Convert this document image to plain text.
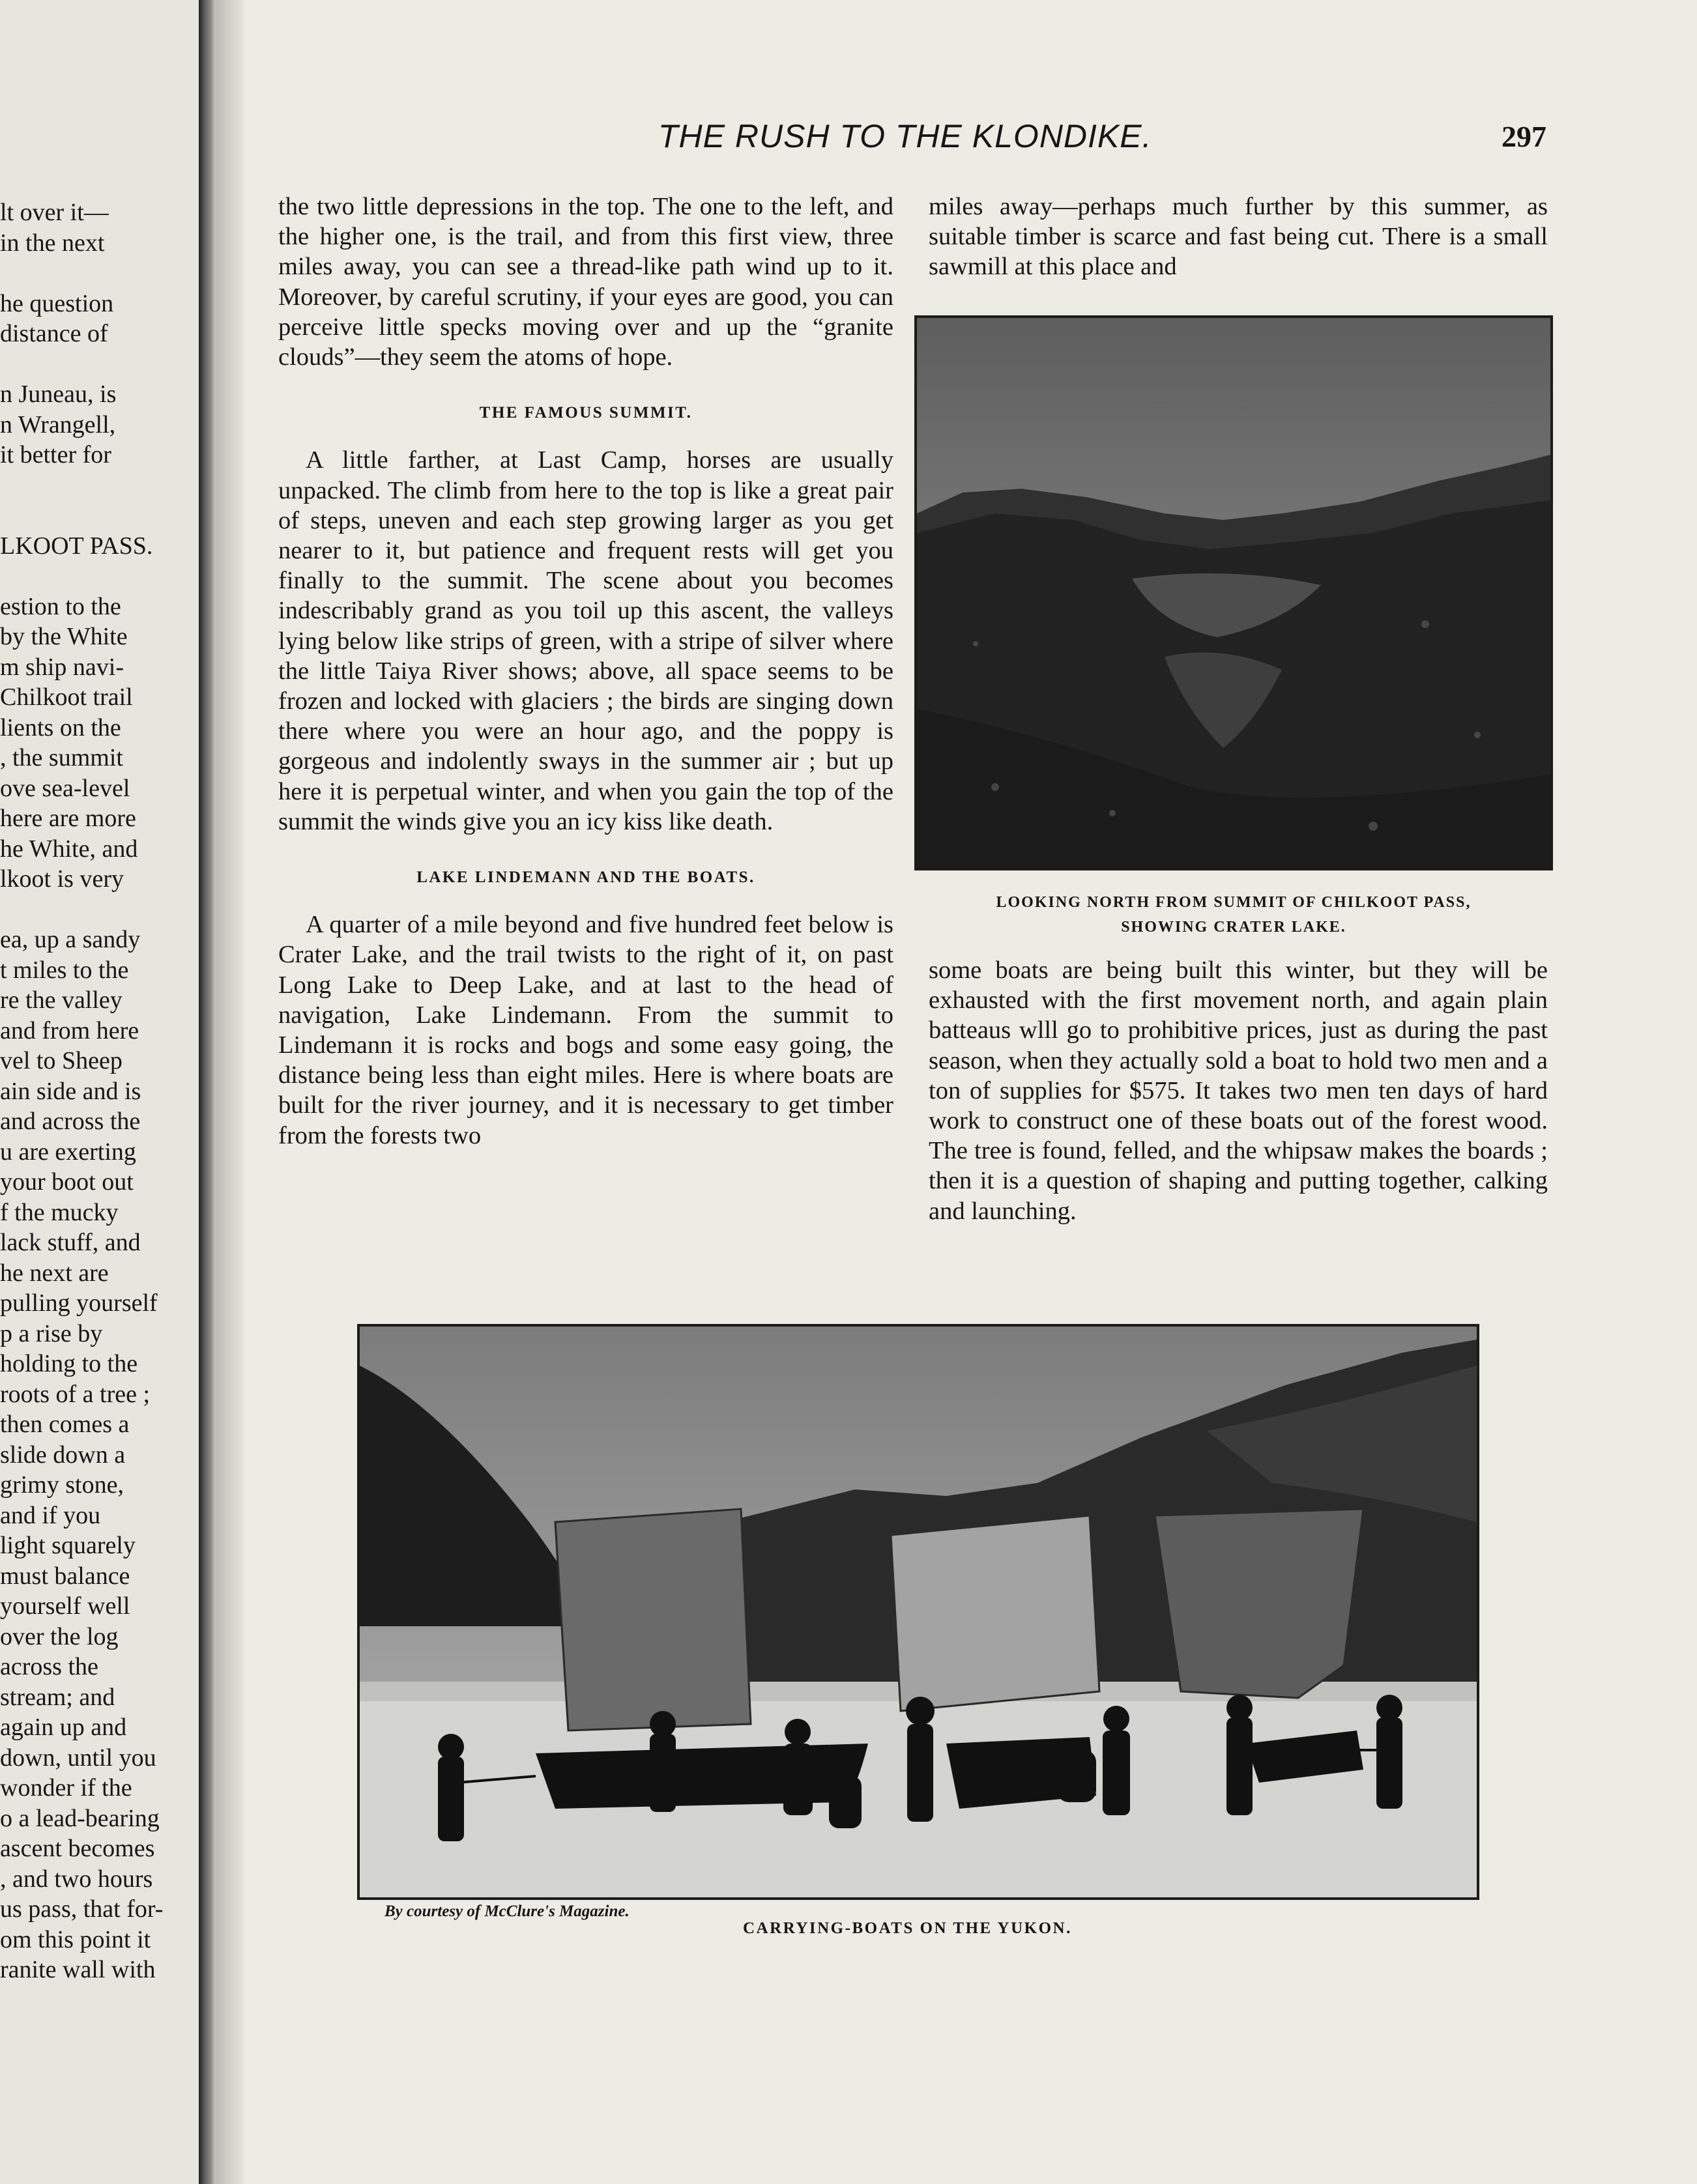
lt over it—
in the next
he question
distance of
n Juneau, is
n Wrangell,
it better for
LKOOT PASS.
estion to the
by the White
m ship navi-
Chilkoot trail
lients on the
, the summit
ove sea-level
here are more
he White, and
lkoot is very
ea, up a sandy
t miles to the
re the valley
and from here
vel to Sheep
ain side and is
and across the
u are exerting
your boot out
f the mucky
lack stuff, and
he next are
pulling yourself
p a rise by
holding to the
roots of a tree ;
then comes a
slide down a
grimy stone,
and if you
light squarely
must balance
yourself well
over the log
across the
stream; and
again up and
down, until you
wonder if the
o a lead-bearing
ascent becomes
, and two hours
us pass, that for-
om this point it
ranite wall with
THE RUSH TO THE KLONDIKE.	297

the two little depressions in the top. The one to the left, and the higher one, is the trail, and from this first view, three miles away, you can see a thread-like path wind up to it. Moreover, by careful scrutiny, if your eyes are good, you can perceive little specks moving over and up the “granite clouds”—they seem the atoms of hope.

THE FAMOUS SUMMIT.

A little farther, at Last Camp, horses are usually unpacked. The climb from here to the top is like a great pair of steps, uneven and each step growing larger as you get nearer to it, but patience and frequent rests will get you finally to the summit. The scene about you becomes indescribably grand as you toil up this ascent, the valleys lying below like strips of green, with a stripe of silver where the little Taiya River shows; above, all space seems to be frozen and locked with glaciers ; the birds are singing down there where you were an hour ago, and the poppy is gorgeous and indolently sways in the summer air ; but up here it is perpetual winter, and when you gain the top of the summit the winds give you an icy kiss like death.

LAKE LINDEMANN AND THE BOATS.

A quarter of a mile beyond and five hundred feet below is Crater Lake, and the trail twists to the right of it, on past Long Lake to Deep Lake, and at last to the head of navigation, Lake Lindemann. From the summit to Lindemann it is rocks and bogs and some easy going, the distance being less than eight miles. Here is where boats are built for the river journey, and it is necessary to get timber from the forests two

miles away—perhaps much further by this summer, as suitable timber is scarce and fast being cut. There is a small sawmill at this place and

LOOKING NORTH FROM SUMMIT OF CHILKOOT PASS,
SHOWING CRATER LAKE.

some boats are being built this winter, but they will be exhausted with the first movement north, and again plain batteaus wlll go to prohibitive prices, just as during the past season, when they actually sold a boat to hold two men and a ton of supplies for $575. It takes two men ten days of hard work to construct one of these boats out of the forest wood. The tree is found, felled, and the whipsaw makes the boards ; then it is a question of shaping and putting together, calking and launching.

By courtesy of McClure's Magazine.
CARRYING-BOATS ON THE YUKON.
